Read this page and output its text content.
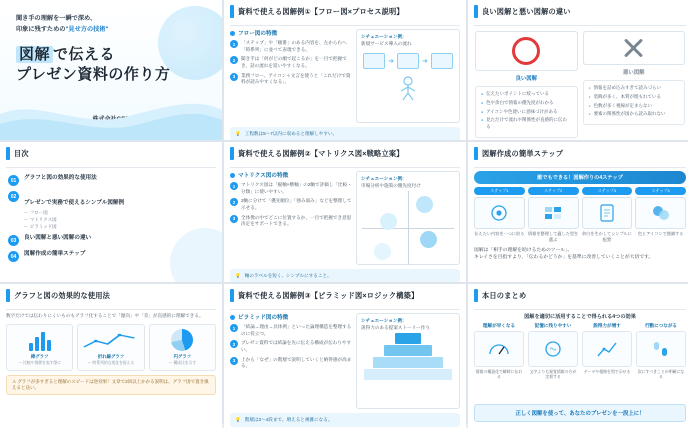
聞き手の理解を一瞬で深め、
印象に残すための"見せ方の技術"
図解 で伝える
プレゼン資料の作り方
資料で使える図解例①【フロー図×プロセス説明】
フロー図の特徴
1	「ステップ」や「順番」のある内容を、左から右へ「時系列」に並べて表現できる。
2	聞き手は「何がどの順で起こるか」を一目で把握でき、話の流れを追いやすくなる。
3	業務フロー、アイコン＋文言を使うと「これだけで資料が読みやすくなる」。
シチュエーション例：
新規サービス導入の流れ
➜	➜
💡 工程数は5〜7以内に収めると理解しやすい。
良い図解と悪い図解の違い
良い図解
● 伝えたいポイントに絞っている
● 色や余白で情報の優先度がわかる
● アイコンや色使いに意味づけがある
● 見ただけで流れや関係性が直感的に伝わる
悪い図解
● 情報を詰め込みすぎて読みづらい
● 装飾が多く、本質が埋もれている
● 色数が多く視線が定まらない
● 要素の関係性が図から読み取れない
目次
01	グラフと図の効果的な使用法
02
プレゼンで実務で使えるシンプル図解例
ー フロー図
ー マトリクス図
ー ピラミッド図
03	良い図解と悪い図解の違い
04	図解作成の簡単ステップ
資料で使える図解例②【マトリクス図×戦略立案】
マトリクス図の特徴
1	マトリクス図は「縦軸×横軸」の2軸で評価し「比較・分類」に使いやすい。
2	2軸に分けて「優先順位」「強み弱み」などを整理して示せる。
3	全体像の中でどこに位置するか、一目で把握でき意思決定をサポートできる。
シチュエーション例：
市場分析や施策の優先度付け
💡 軸のラベルを短く、シンプルにすること。
図解作成の簡単ステップ
誰でもできる！図解作りの4ステップ
ステップ1
伝えたい内容を一つに絞る
ステップ2
情報を整理して適した型を選ぶ
ステップ3
余白を生かしてシンプルに配置
ステップ4
色とアイコンで強調する
図解は「相手の理解を助けるためのツール」。
キレイさを目指すより、「伝わるかどうか」を基準に改善していくことが大切です。
グラフと図の効果的な使用法
数字だけでは伝わりにくいものもグラフ化することで「傾向」や「差」が直感的に理解できる。
棒グラフ
ー 比較や推移を表す際に
折れ線グラフ
ー 時系列的な変化を捉える
円グラフ
ー 構成比を示す
⚠ グラフが多すぎると理解のスピードは逆効果！文章で3回以上かかる説明は、グラフ図で置き換えると良い。
資料で使える図解例③【ピラミッド図×ロジック構築】
ピラミッド図の特徴
1	「結論→理由→具体例」といった論理構造を整理するのに役立つ。
2	プレゼン資料では結論を先に伝える構成が伝わりやすい。
3	上から「なぜ」の階層で説明していくと納得感が高まる。
シチュエーション例：
説得力のある提案ストーリー作り
💡 階層は3〜4段まで。増えると複雑になる。
本日のまとめ
図解を適切に活用することで得られる4つの効果
理解が早くなる
情報の構造化で瞬時に伝わる
記憶に残りやすい
文字よりも視覚情報の方が定着する
説得力が増す
データや根拠を図で示せる
行動につながる
次にすべきことが明確になる
正しく図解を使って、あなたのプレゼンを一段上に！
